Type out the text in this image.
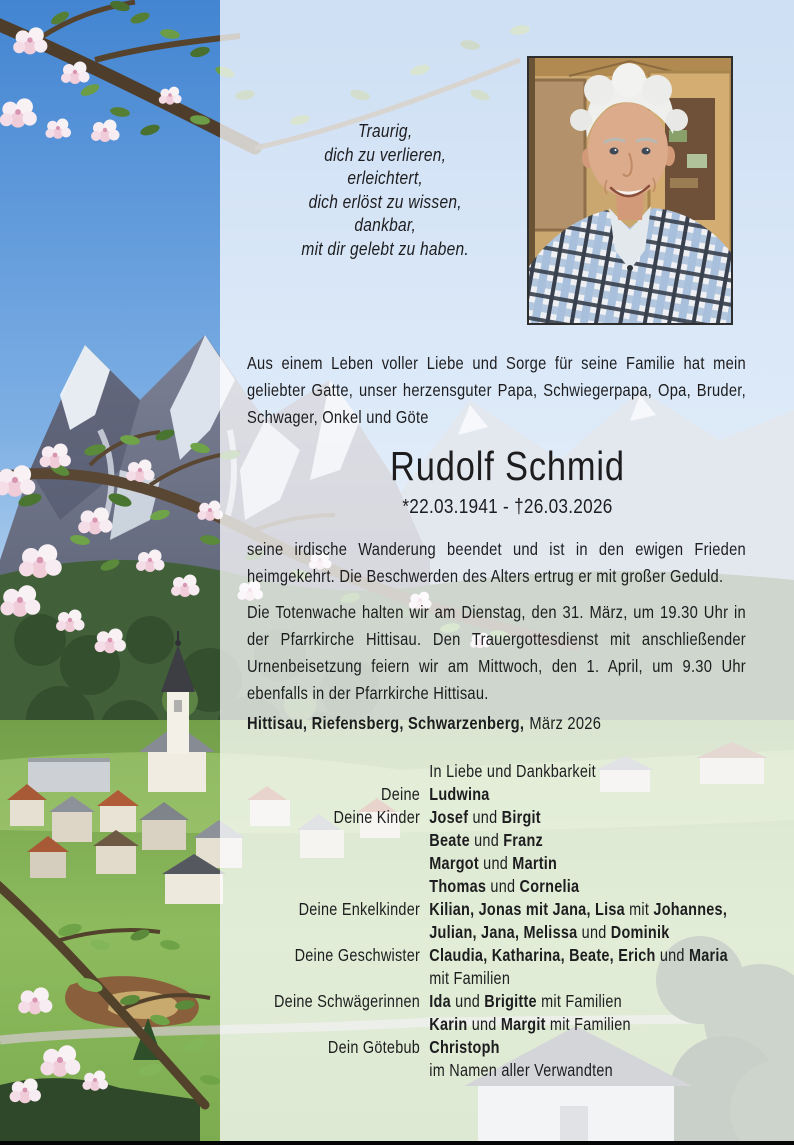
Traurig,
dich zu verlieren,
erleichtert,
dich erlöst zu wissen,
dankbar,
mit dir gelebt zu haben.

Aus einem Leben voller Liebe und Sorge für seine Familie hat mein geliebter Gatte, unser herzensguter Papa, Schwiegerpapa, Opa, Bruder, Schwager, Onkel und Göte

Rudolf Schmid
*22.03.1941 - †26.03.2026

seine irdische Wanderung beendet und ist in den ewigen Frieden heimgekehrt. Die Beschwerden des Alters ertrug er mit großer Geduld.

Die Totenwache halten wir am Dienstag, den 31. März, um 19.30 Uhr in der Pfarrkirche Hittisau. Den Trauergottesdienst mit anschließender Urnenbeisetzung feiern wir am Mittwoch, den 1. April, um 9.30 Uhr ebenfalls in der Pfarrkirche Hittisau.

Hittisau, Riefensberg, Schwarzenberg, März 2026

In Liebe und Dankbarkeit
Deine Ludwina
Deine Kinder Josef und Birgit
Beate und Franz
Margot und Martin
Thomas und Cornelia
Deine Enkelkinder Kilian, Jonas mit Jana, Lisa mit Johannes,
Julian, Jana, Melissa und Dominik
Deine Geschwister Claudia, Katharina, Beate, Erich und Maria
mit Familien
Deine Schwägerinnen Ida und Brigitte mit Familien
Karin und Margit mit Familien
Dein Götebub Christoph
im Namen aller Verwandten
